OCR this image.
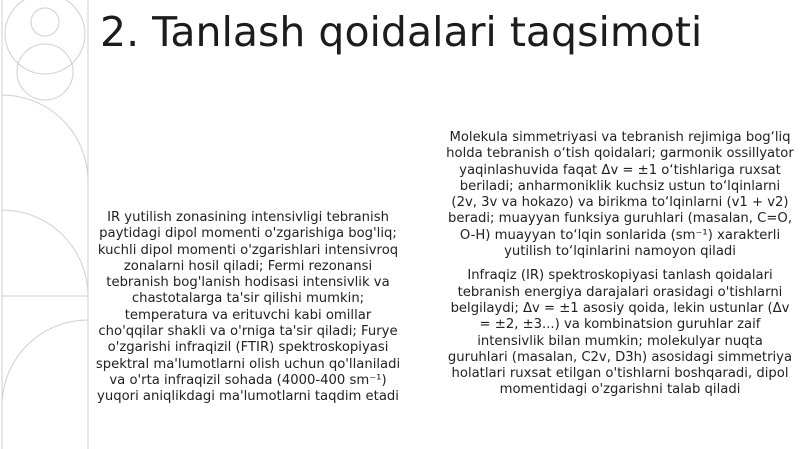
2. Tanlash qoidalari taqsimoti

IR yutilish zonasining intensivligi tebranish paytidagi dipol momenti o'zgarishiga bog'liq; kuchli dipol momenti o'zgarishlari intensivroq zonalarni hosil qiladi; Fermi rezonansi tebranish bog'lanish hodisasi intensivlik va chastotalarga ta'sir qilishi mumkin; temperatura va erituvchi kabi omillar cho'qqilar shakli va o'rniga ta'sir qiladi; Furye o'zgarishi infraqizil (FTIR) spektroskopiyasi spektral ma'lumotlarni olish uchun qo'llaniladi va o'rta infraqizil sohada (4000-400 sm⁻¹) yuqori aniqlikdagi ma'lumotlarni taqdim etadi

Molekula simmetriyasi va tebranish rejimiga bog‘liq holda tebranish o‘tish qoidalari; garmonik ossillyator yaqinlashuvida faqat Δv = ±1 o‘tishlariga ruxsat beriladi; anharmoniklik kuchsiz ustun to‘lqinlarni (2v, 3v va hokazo) va birikma to‘lqinlarni (v1 + v2) beradi; muayyan funksiya guruhlari (masalan, C=O, O-H) muayyan to‘lqin sonlarida (sm⁻¹) xarakterli yutilish to‘lqinlarini namoyon qiladi

Infraqiz (IR) spektroskopiyasi tanlash qoidalari tebranish energiya darajalari orasidagi o'tishlarni belgilaydi; Δv = ±1 asosiy qoida, lekin ustunlar (Δv = ±2, ±3...) va kombinatsion guruhlar zaif intensivlik bilan mumkin; molekulyar nuqta guruhlari (masalan, C2v, D3h) asosidagi simmetriya holatlari ruxsat etilgan o'tishlarni boshqaradi, dipol momentidagi o'zgarishni talab qiladi
